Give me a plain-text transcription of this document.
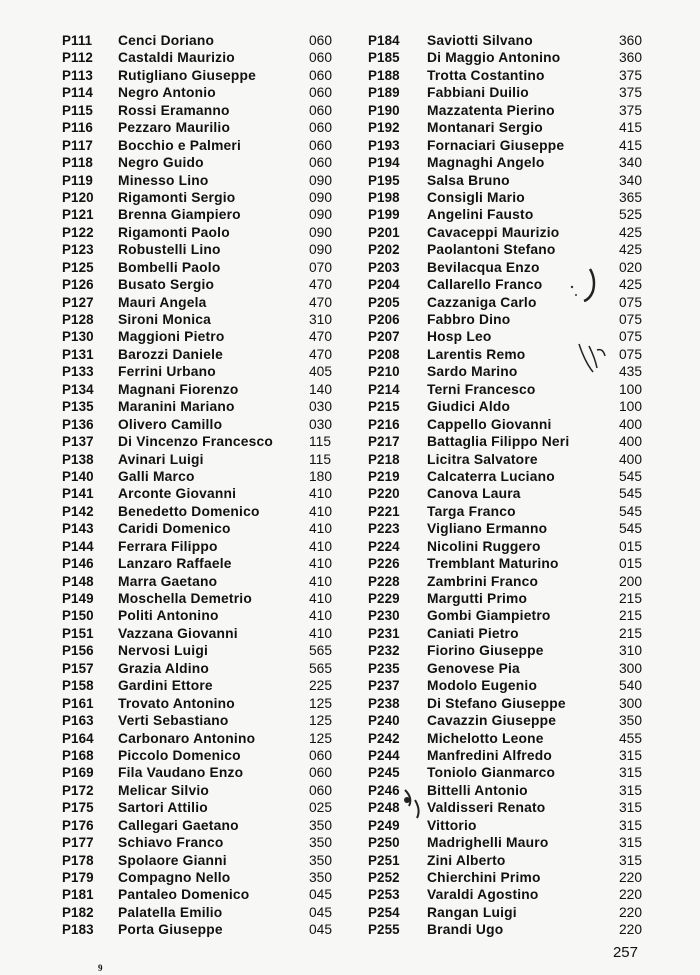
P111 Cenci Doriano	060
P112 Castaldi Maurizio	060
P113 Rutigliano Giuseppe	060
P114 Negro Antonio	060
P115 Rossi Eramanno	060
P116 Pezzaro Maurilio	060
P117 Bocchio e Palmeri	060
P118 Negro Guido	060
P119 Minesso Lino	090
P120 Rigamonti Sergio	090
P121 Brenna Giampiero	090
P122 Rigamonti Paolo	090
P123 Robustelli Lino	090
P125 Bombelli Paolo	070
P126 Busato Sergio	470
P127 Mauri Angela	470
P128 Sironi Monica	310
P130 Maggioni Pietro	470
P131 Barozzi Daniele	470
P133 Ferrini Urbano	405
P134 Magnani Fiorenzo	140
P135 Maranini Mariano	030
P136 Olivero Camillo	030
P137 Di Vincenzo Francesco	115
P138 Avinari Luigi	115
P140 Galli Marco	180
P141 Arconte Giovanni	410
P142 Benedetto Domenico	410
P143 Caridi Domenico	410
P144 Ferrara Filippo	410
P146 Lanzaro Raffaele	410
P148 Marra Gaetano	410
P149 Moschella Demetrio	410
P150 Politi Antonino	410
P151 Vazzana Giovanni	410
P156 Nervosi Luigi	565
P157 Grazia Aldino	565
P158 Gardini Ettore	225
P161 Trovato Antonino	125
P163 Verti Sebastiano	125
P164 Carbonaro Antonino	125
P168 Piccolo Domenico	060
P169 Fila Vaudano Enzo	060
P172 Melicar Silvio	060
P175 Sartori Attilio	025
P176 Callegari Gaetano	350
P177 Schiavo Franco	350
P178 Spolaore Gianni	350
P179 Compagno Nello	350
P181 Pantaleo Domenico	045
P182 Palatella Emilio	045
P183 Porta Giuseppe	045
P184 Saviotti Silvano	360
P185 Di Maggio Antonino	360
P188 Trotta Costantino	375
P189 Fabbiani Duilio	375
P190 Mazzatenta Pierino	375
P192 Montanari Sergio	415
P193 Fornaciari Giuseppe	415
P194 Magnaghi Angelo	340
P195 Salsa Bruno	340
P198 Consigli Mario	365
P199 Angelini Fausto	525
P201 Cavaceppi Maurizio	425
P202 Paolantoni Stefano	425
P203 Bevilacqua Enzo	020
P204 Callarello Franco	425
P205 Cazzaniga Carlo	075
P206 Fabbro Dino	075
P207 Hosp Leo	075
P208 Larentis Remo	075
P210 Sardo Marino	435
P214 Terni Francesco	100
P215 Giudici Aldo	100
P216 Cappello Giovanni	400
P217 Battaglia Filippo Neri	400
P218 Licitra Salvatore	400
P219 Calcaterra Luciano	545
P220 Canova Laura	545
P221 Targa Franco	545
P223 Vigliano Ermanno	545
P224 Nicolini Ruggero	015
P226 Tremblant Maturino	015
P228 Zambrini Franco	200
P229 Margutti Primo	215
P230 Gombi Giampietro	215
P231 Caniati Pietro	215
P232 Fiorino Giuseppe	310
P235 Genovese Pia	300
P237 Modolo Eugenio	540
P238 Di Stefano Giuseppe	300
P240 Cavazzin Giuseppe	350
P242 Michelotto Leone	455
P244 Manfredini Alfredo	315
P245 Toniolo Gianmarco	315
P246 Bittelli Antonio	315
P248 Valdisseri Renato	315
P249 Vittorio	315
P250 Madrighelli Mauro	315
P251 Zini Alberto	315
P252 Chierchini Primo	220
P253 Varaldi Agostino	220
P254 Rangan Luigi	220
P255 Brandi Ugo	220
257
9
